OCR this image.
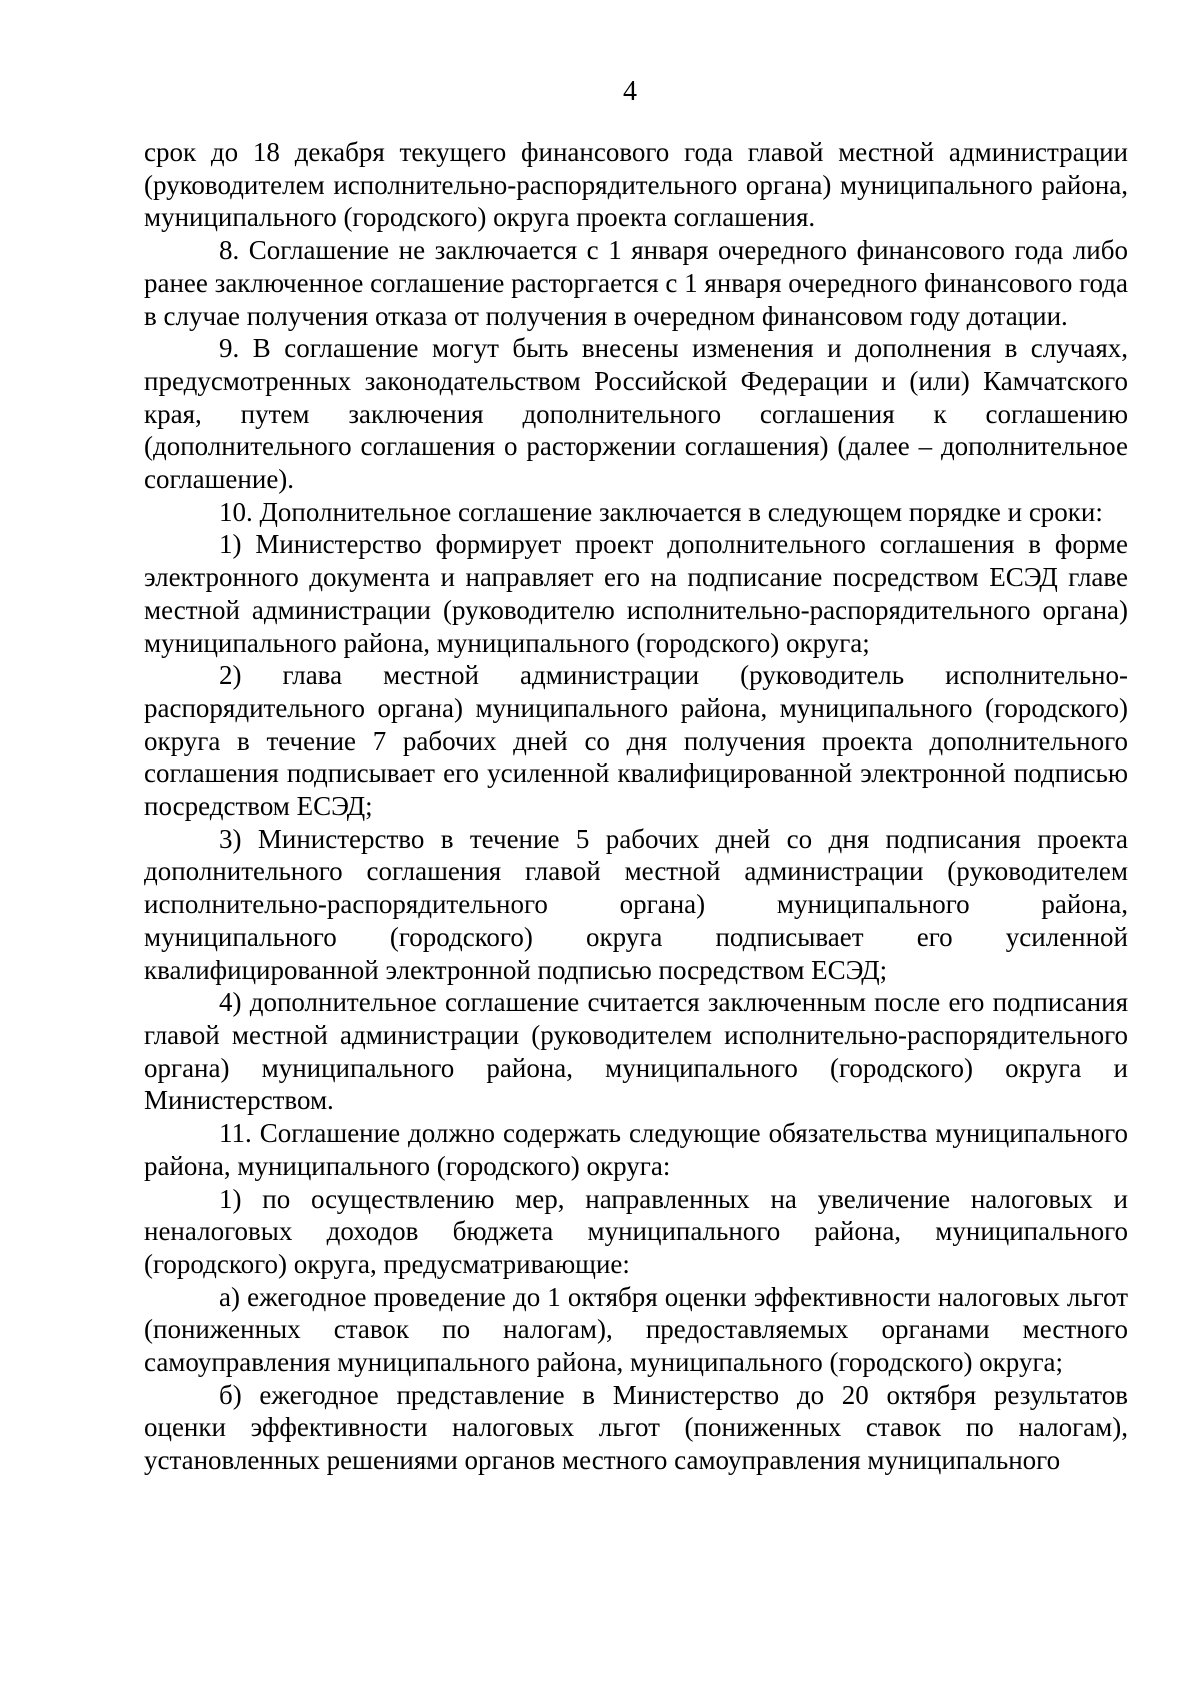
4

срок до 18 декабря текущего финансового года главой местной администрации (руководителем исполнительно-распорядительного органа) муниципального района, муниципального (городского) округа проекта соглашения.

8. Соглашение не заключается с 1 января очередного финансового года либо ранее заключенное соглашение расторгается с 1 января очередного финансового года в случае получения отказа от получения в очередном финансовом году дотации.

9. В соглашение могут быть внесены изменения и дополнения в случаях, предусмотренных законодательством Российской Федерации и (или) Камчатского края, путем заключения дополнительного соглашения к соглашению (дополнительного соглашения о расторжении соглашения) (далее – дополнительное соглашение).

10. Дополнительное соглашение заключается в следующем порядке и сроки:

1) Министерство формирует проект дополнительного соглашения в форме электронного документа и направляет его на подписание посредством ЕСЭД главе местной администрации (руководителю исполнительно-распорядительного органа) муниципального района, муниципального (городского) округа;

2) глава местной администрации (руководитель исполнительно-распорядительного органа) муниципального района, муниципального (городского) округа в течение 7 рабочих дней со дня получения проекта дополнительного соглашения подписывает его усиленной квалифицированной электронной подписью посредством ЕСЭД;

3) Министерство в течение 5 рабочих дней со дня подписания проекта дополнительного соглашения главой местной администрации (руководителем исполнительно-распорядительного органа) муниципального района, муниципального (городского) округа подписывает его усиленной квалифицированной электронной подписью посредством ЕСЭД;

4) дополнительное соглашение считается заключенным после его подписания главой местной администрации (руководителем исполнительно-распорядительного органа) муниципального района, муниципального (городского) округа и Министерством.

11. Соглашение должно содержать следующие обязательства муниципального района, муниципального (городского) округа:

1) по осуществлению мер, направленных на увеличение налоговых и неналоговых доходов бюджета муниципального района, муниципального (городского) округа, предусматривающие:

а) ежегодное проведение до 1 октября оценки эффективности налоговых льгот (пониженных ставок по налогам), предоставляемых органами местного самоуправления муниципального района, муниципального (городского) округа;

б) ежегодное представление в Министерство до 20 октября результатов оценки эффективности налоговых льгот (пониженных ставок по налогам), установленных решениями органов местного самоуправления муниципального
